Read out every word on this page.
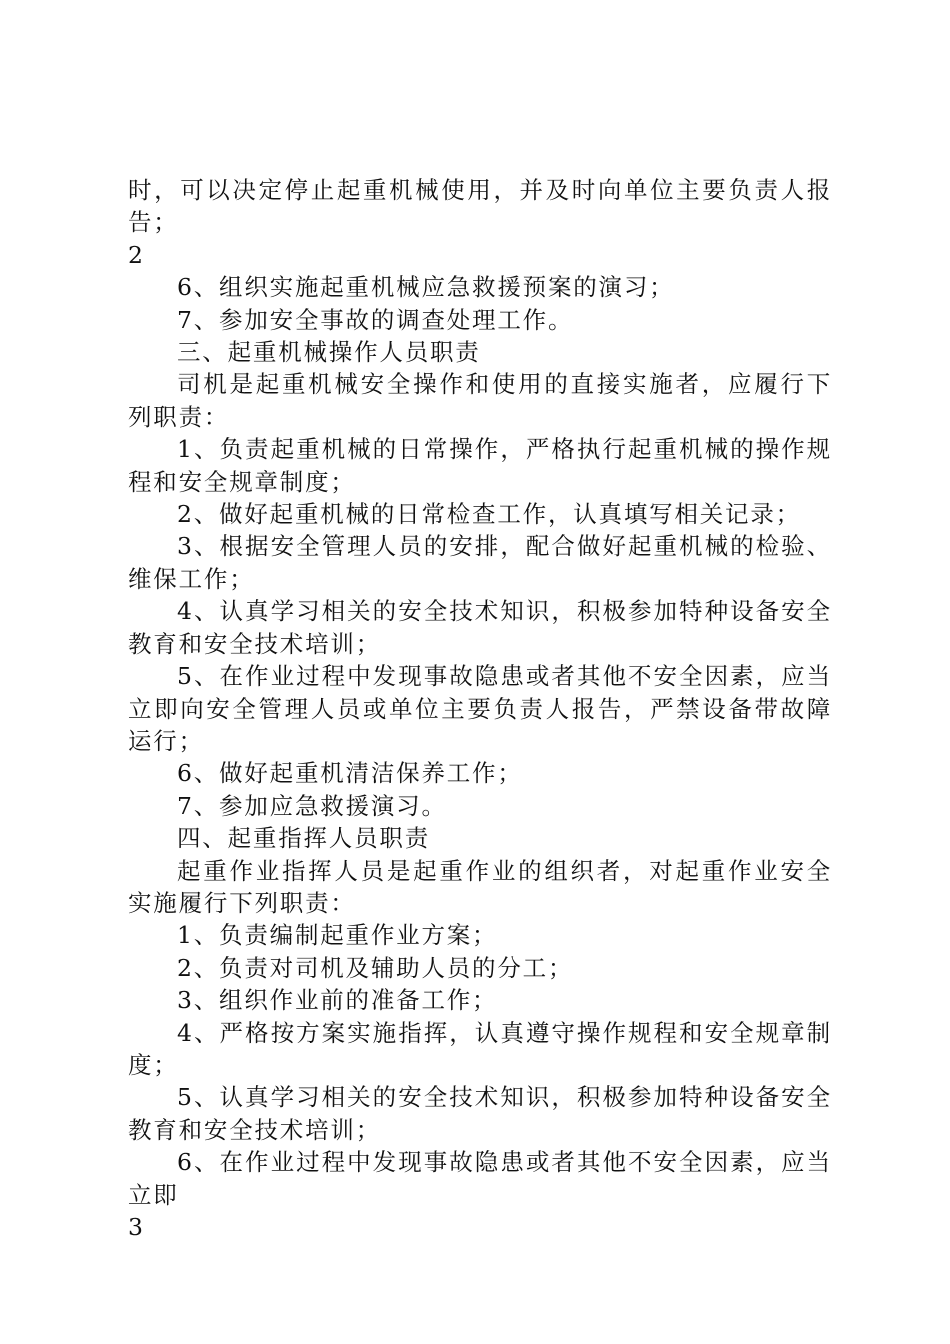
时，可以决定停止起重机械使用，并及时向单位主要负责人报告；

2

6、组织实施起重机械应急救援预案的演习；

7、参加安全事故的调查处理工作。

三、起重机械操作人员职责

司机是起重机械安全操作和使用的直接实施者，应履行下列职责：

1、负责起重机械的日常操作，严格执行起重机械的操作规程和安全规章制度；

2、做好起重机械的日常检查工作，认真填写相关记录；

3、根据安全管理人员的安排，配合做好起重机械的检验、维保工作；

4、认真学习相关的安全技术知识，积极参加特种设备安全教育和安全技术培训；

5、在作业过程中发现事故隐患或者其他不安全因素，应当立即向安全管理人员或单位主要负责人报告，严禁设备带故障运行；

6、做好起重机清洁保养工作；

7、参加应急救援演习。

四、起重指挥人员职责

起重作业指挥人员是起重作业的组织者，对起重作业安全实施履行下列职责：

1、负责编制起重作业方案；

2、负责对司机及辅助人员的分工；

3、组织作业前的准备工作；

4、严格按方案实施指挥，认真遵守操作规程和安全规章制度；

5、认真学习相关的安全技术知识，积极参加特种设备安全教育和安全技术培训；

6、在作业过程中发现事故隐患或者其他不安全因素，应当立即

3
